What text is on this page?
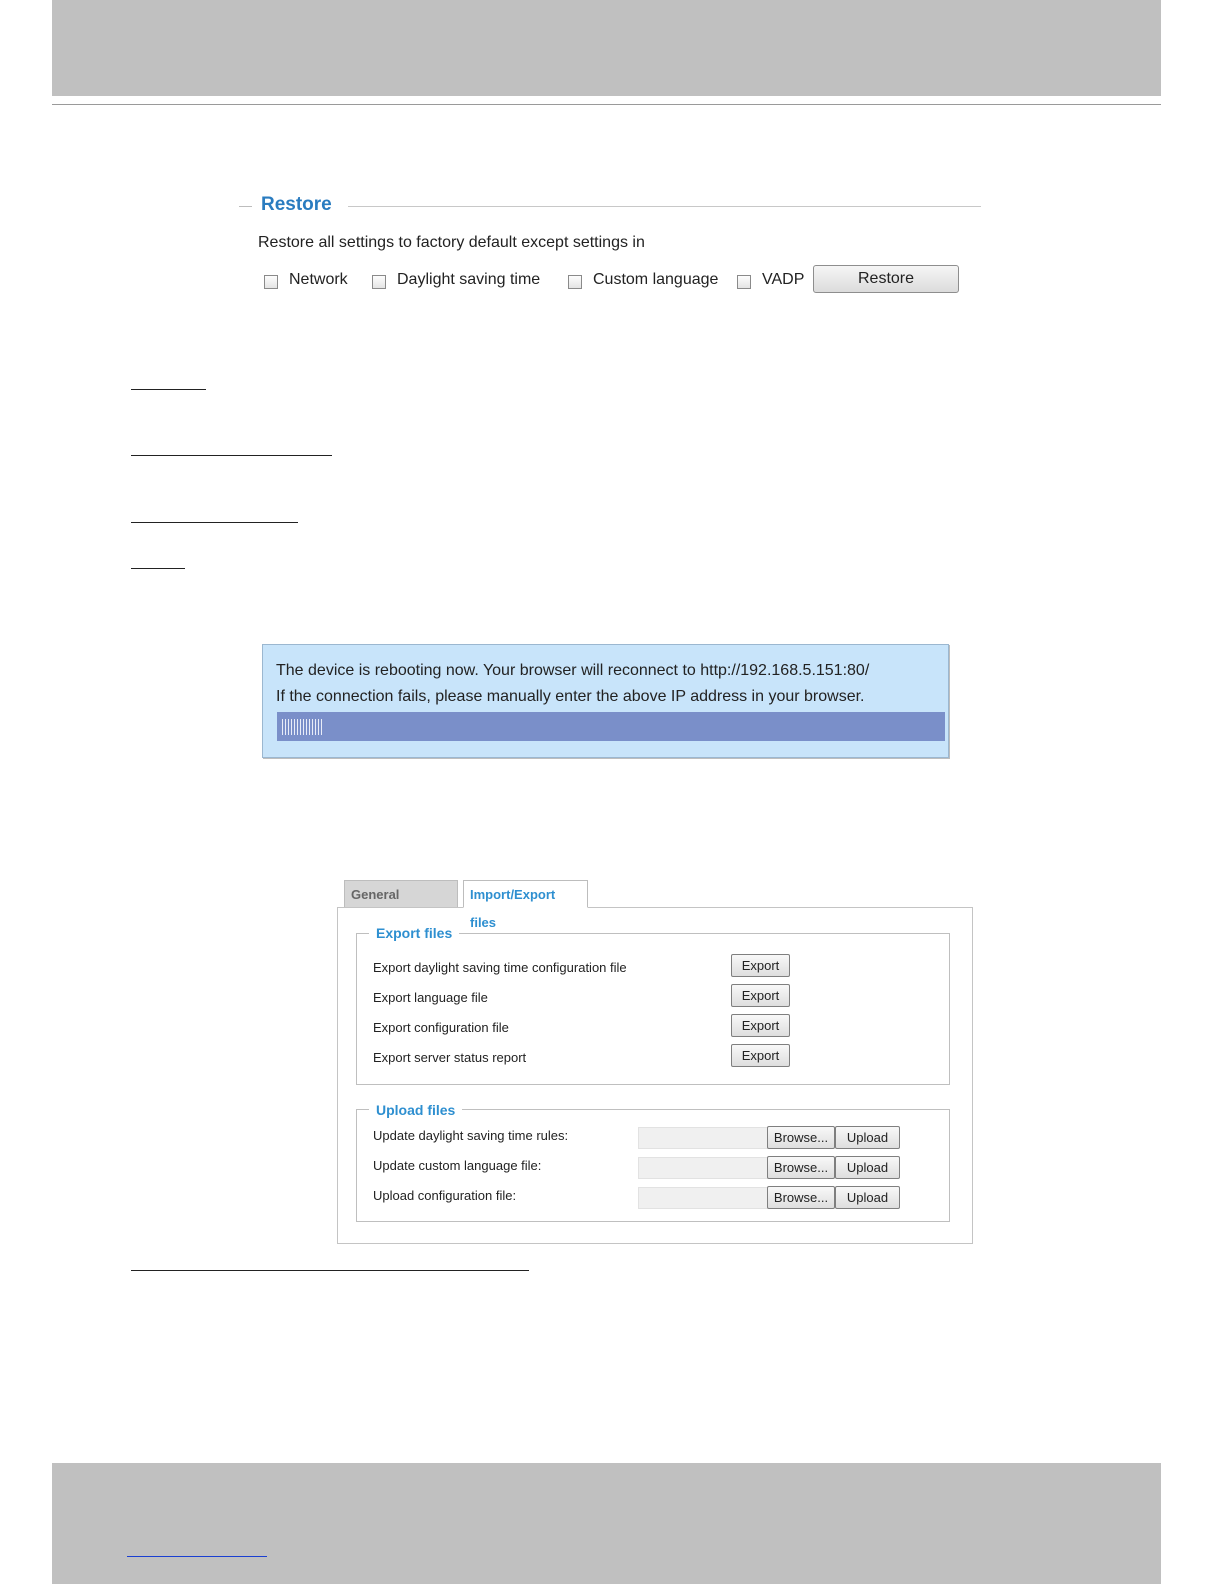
Restore
Restore all settings to factory default except settings in
Network	Daylight saving time	Custom language	VADP	Restore
The device is rebooting now. Your browser will reconnect to http://192.168.5.151:80/
If the connection fails, please manually enter the above IP address in your browser.
General	Import/Export files
Export files
Export daylight saving time configuration file	Export
Export language file	Export
Export configuration file	Export
Export server status report	Export
Upload files
Update daylight saving time rules:	Browse...	Upload
Update custom language file:	Browse...	Upload
Upload configuration file:	Browse...	Upload
